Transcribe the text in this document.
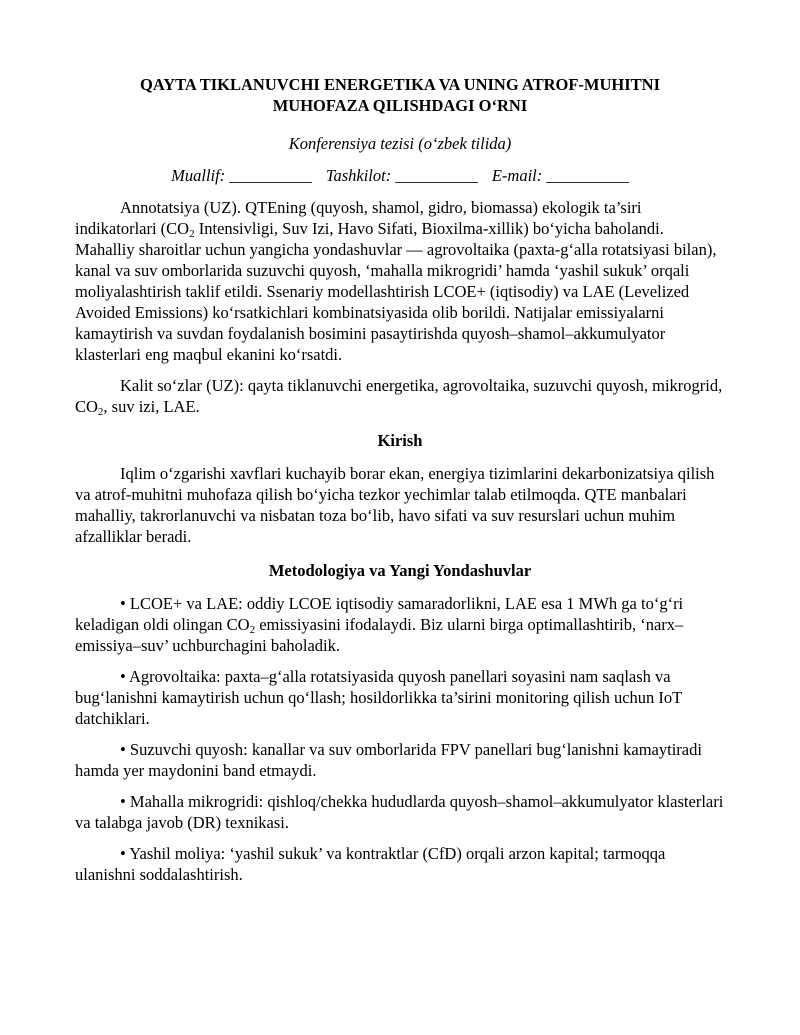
QAYTA TIKLANUVCHI ENERGETIKA VA UNING ATROF-MUHITNI
MUHOFAZA QILISHDAGI O‘RNI
Konferensiya tezisi (o‘zbek tilida)
Muallif: __________ Tashkilot: __________ E-mail: __________

Annotatsiya (UZ). QTEning (quyosh, shamol, gidro, biomassa) ekologik ta’siri indikatorlari ($CO_2$ Intensivligi, Suv Izi, Havo Sifati, Bioxilma-xillik) bo‘yicha baholandi. Mahalliy sharoitlar uchun yangicha yondashuvlar — agrovoltaika (paxta-g‘alla rotatsiyasi bilan), kanal va suv omborlarida suzuvchi quyosh, ‘mahalla mikrogridi’ hamda ‘yashil sukuk’ orqali moliyalashtirish taklif etildi. Ssenariy modellashtirish LCOE+ (iqtisodiy) va LAE (Levelized Avoided Emissions) ko‘rsatkichlari kombinatsiyasida olib borildi. Natijalar emissiyalarni kamaytirish va suvdan foydalanish bosimini pasaytirishda quyosh–shamol–akkumulyator klasterlari eng maqbul ekanini ko‘rsatdi.

Kalit so‘zlar (UZ): qayta tiklanuvchi energetika, agrovoltaika, suzuvchi quyosh, mikrogrid, $CO_2$, suv izi, LAE.

Kirish

Iqlim o‘zgarishi xavflari kuchayib borar ekan, energiya tizimlarini dekarbonizatsiya qilish va atrof-muhitni muhofaza qilish bo‘yicha tezkor yechimlar talab etilmoqda. QTE manbalari mahalliy, takrorlanuvchi va nisbatan toza bo‘lib, havo sifati va suv resurslari uchun muhim afzalliklar beradi.

Metodologiya va Yangi Yondashuvlar

• LCOE+ va LAE: oddiy LCOE iqtisodiy samaradorlikni, LAE esa 1 MWh ga to‘g‘ri keladigan oldi olingan $CO_2$ emissiyasini ifodalaydi. Biz ularni birga optimallashtirib, ‘narx–emissiya–suv’ uchburchagini baholadik.

• Agrovoltaika: paxta–g‘alla rotatsiyasida quyosh panellari soyasini nam saqlash va bug‘lanishni kamaytirish uchun qo‘llash; hosildorlikka ta’sirini monitoring qilish uchun IoT datchiklari.

• Suzuvchi quyosh: kanallar va suv omborlarida FPV panellari bug‘lanishni kamaytiradi hamda yer maydonini band etmaydi.

• Mahalla mikrogridi: qishloq/chekka hududlarda quyosh–shamol–akkumulyator klasterlari va talabga javob (DR) texnikasi.

• Yashil moliya: ‘yashil sukuk’ va kontraktlar (CfD) orqali arzon kapital; tarmoqqa ulanishni soddalashtirish.
